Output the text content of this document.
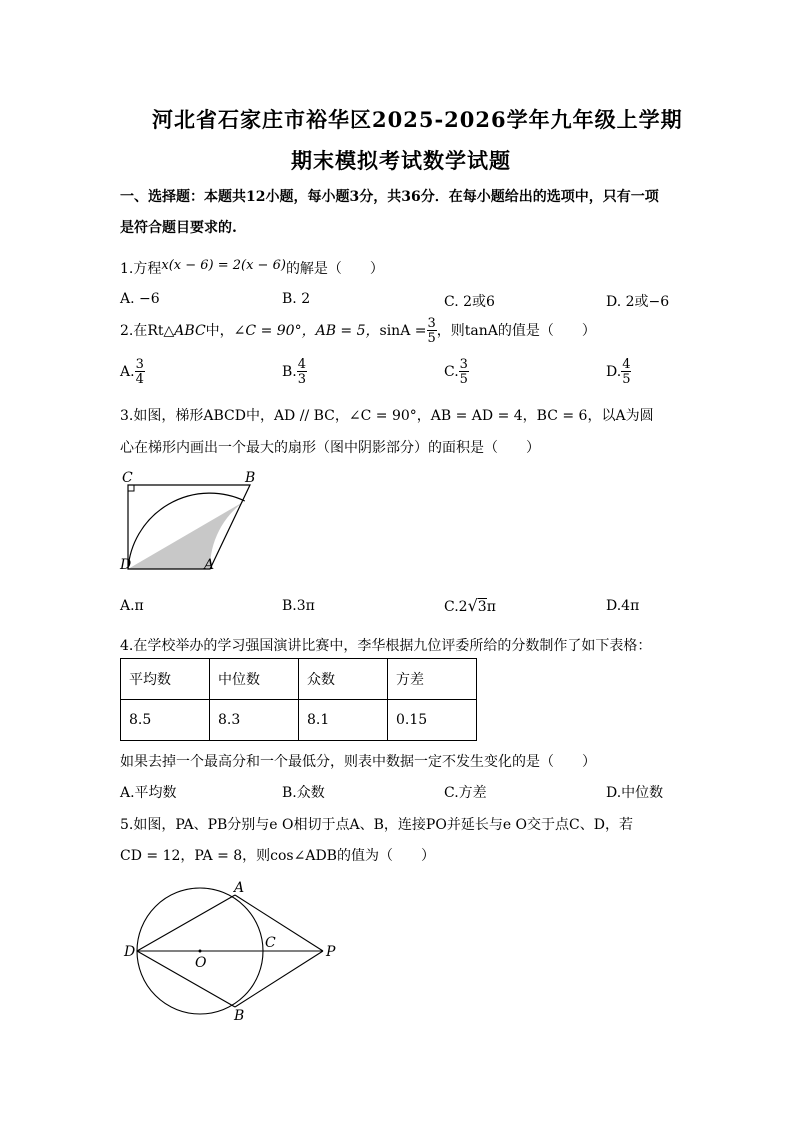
河北省石家庄市裕华区2025-2026学年九年级上学期
期末模拟考试数学试题
一、选择题：本题共12小题，每小题3分，共36分．在每小题给出的选项中，只有一项
是符合题目要求的.
1.方程x(x − 6) = 2(x − 6)的解是（　　）
A. −6	B. 2	C. 2或6	D. 2或−6
2.在Rt△ABC中，∠C = 90°，AB = 5，$\sin A = \frac{3}{5}$ ，则tanA的值是（　　）
A. $\frac{3}{4}$	B. $\frac{4}{3}$	C. $\frac{3}{5}$	D. $\frac{4}{5}$
3.如图，梯形ABCD中，AD // BC，∠C = 90°，AB = AD = 4，BC = 6，以A为圆
心在梯形内画出一个最大的扇形（图中阴影部分）的面积是（　　）
C	B
D	A
A.π	B.3π	C.2√3π	D.4π
4.在学校举办的学习强国演讲比赛中，李华根据九位评委所给的分数制作了如下表格：
平均数	中位数	众数	方差
8.5	8.3	8.1	0.15
如果去掉一个最高分和一个最低分，则表中数据一定不发生变化的是（　　）
A.平均数	B.众数	C.方差	D.中位数
5.如图，PA、PB分别与e O相切于点A、B，连接PO并延长与e O交于点C、D，若
CD = 12，PA = 8，则cos∠ADB的值为（　　）
A
B
C
D
O
P
